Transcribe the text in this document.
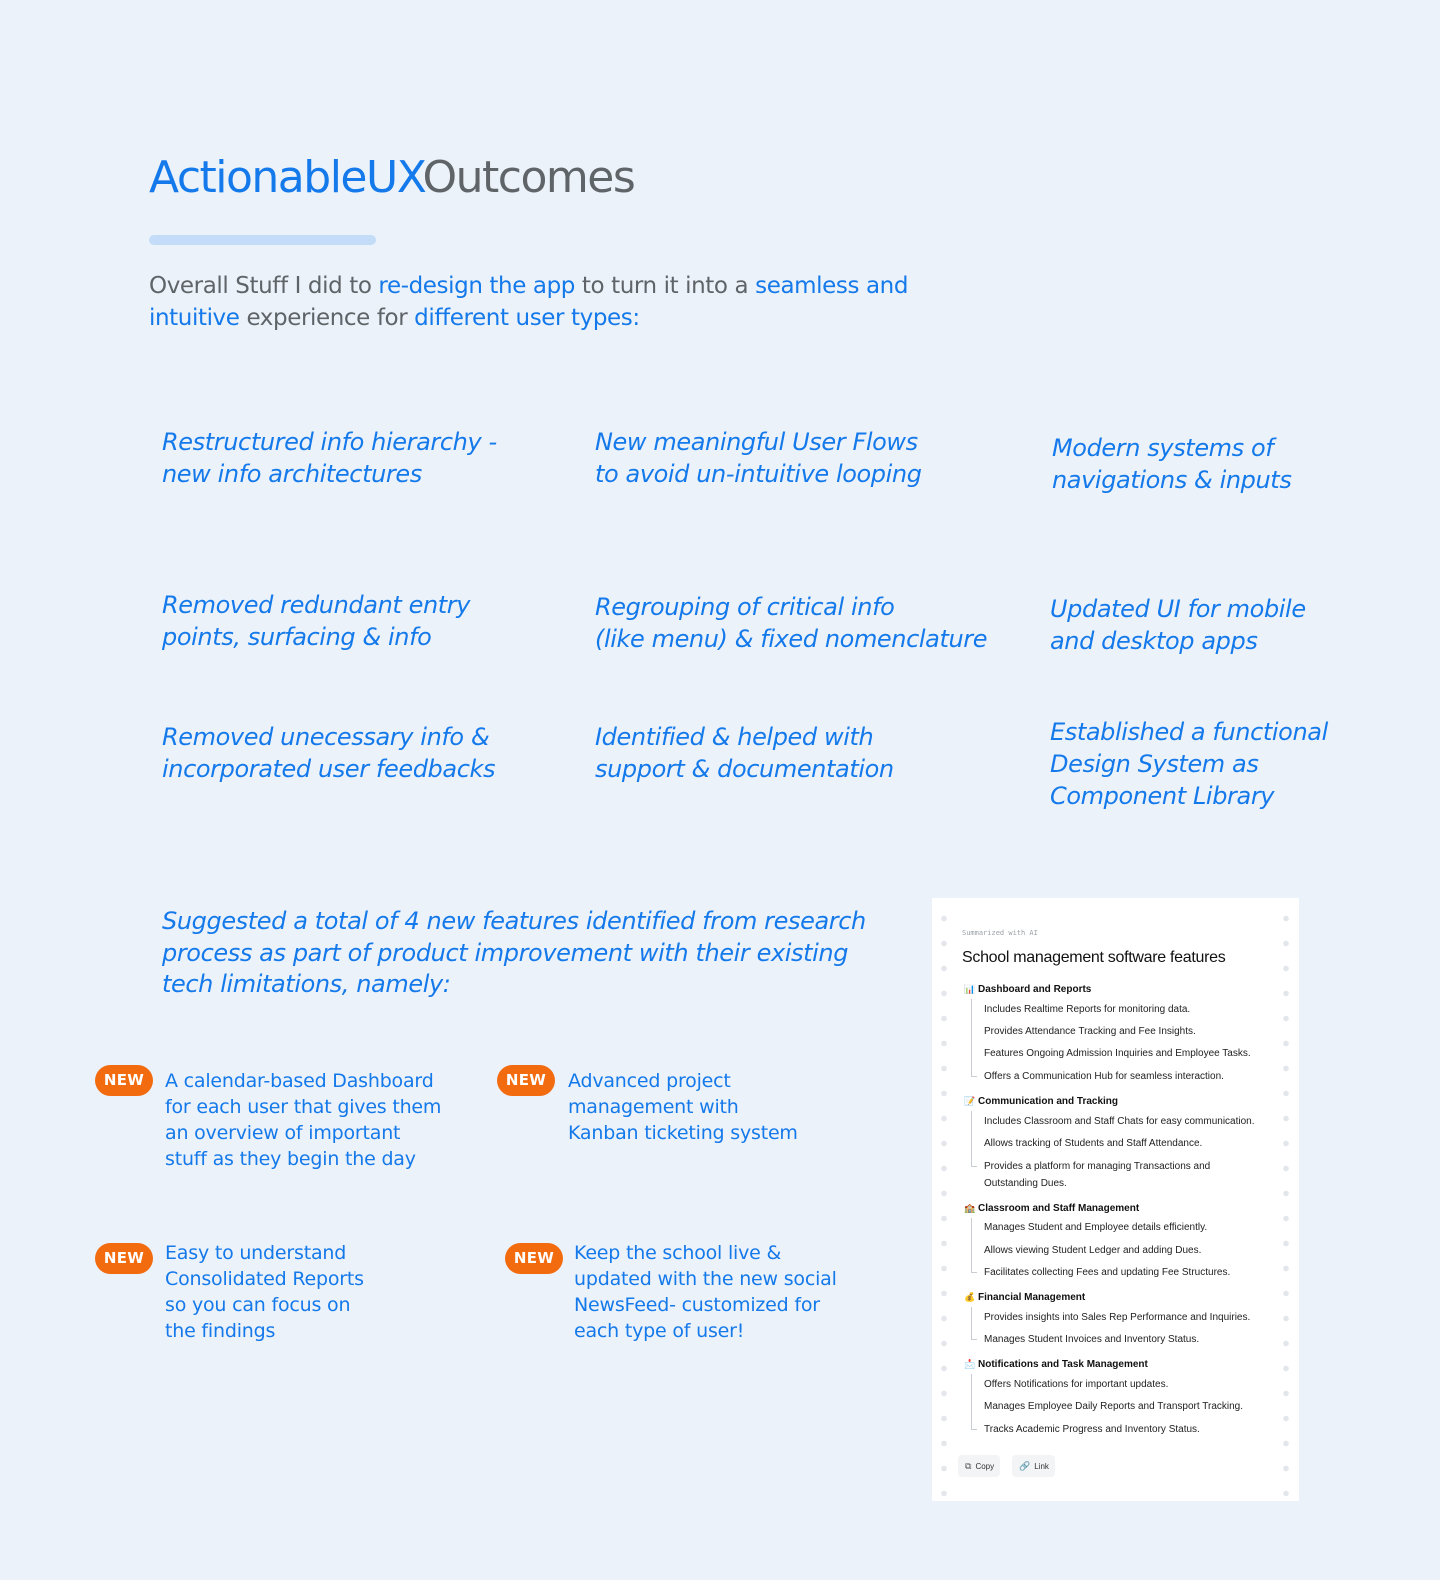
ActionableUXOutcomes
Overall Stuff I did to re-design the app to turn it into a seamless and intuitive experience for different user types:
Restructured info hierarchy -
new info architectures
New meaningful User Flows
to avoid un-intuitive looping
Modern systems of
navigations & inputs
Removed redundant entry
points, surfacing & info
Regrouping of critical info
(like menu) & fixed nomenclature
Updated UI for mobile
and desktop apps
Removed unecessary info &
incorporated user feedbacks
Identified & helped with
support & documentation
Established a functional
Design System as
Component Library
Suggested a total of 4 new features identified from research process as part of product improvement with their existing tech limitations, namely:
NEW	A calendar-based Dashboard
for each user that gives them
an overview of important
stuff as they begin the day
NEW	Advanced project
management with
Kanban ticketing system
NEW	Easy to understand
Consolidated Reports
so you can focus on
the findings
NEW	Keep the school live &
updated with the new social
NewsFeed- customized for
each type of user!
Summarized with AI
School management software features
📊 Dashboard and Reports
Includes Realtime Reports for monitoring data.
Provides Attendance Tracking and Fee Insights.
Features Ongoing Admission Inquiries and Employee Tasks.
Offers a Communication Hub for seamless interaction.
📝 Communication and Tracking
Includes Classroom and Staff Chats for easy communication.
Allows tracking of Students and Staff Attendance.
Provides a platform for managing Transactions and Outstanding Dues.
🏫 Classroom and Staff Management
Manages Student and Employee details efficiently.
Allows viewing Student Ledger and adding Dues.
Facilitates collecting Fees and updating Fee Structures.
💰 Financial Management
Provides insights into Sales Rep Performance and Inquiries.
Manages Student Invoices and Inventory Status.
📩 Notifications and Task Management
Offers Notifications for important updates.
Manages Employee Daily Reports and Transport Tracking.
Tracks Academic Progress and Inventory Status.
⧉ Copy	🔗 Link
